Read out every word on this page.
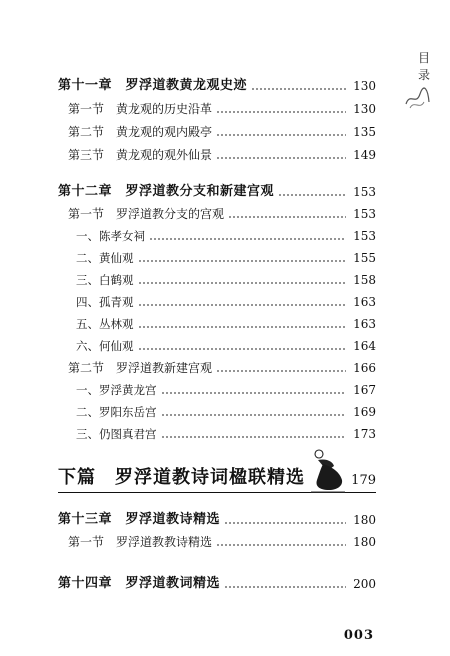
目
录
第十一章　罗浮道教黄龙观史迹	130
第一节　黄龙观的历史沿革	130
第二节　黄龙观的观内殿亭	135
第三节　黄龙观的观外仙景	149
第十二章　罗浮道教分支和新建宫观	153
第一节　罗浮道教分支的宫观	153
一、陈孝女祠	153
二、黄仙观	155
三、白鹤观	158
四、孤青观	163
五、丛林观	163
六、何仙观	164
第二节　罗浮道教新建宫观	166
一、罗浮黄龙宫	167
二、罗阳东岳宫	169
三、仍图真君宫	173
下篇　罗浮道教诗词楹联精选	179
第十三章　罗浮道教诗精选	180
第一节　罗浮道教教诗精选	180
第十四章　罗浮道教词精选	200
003
